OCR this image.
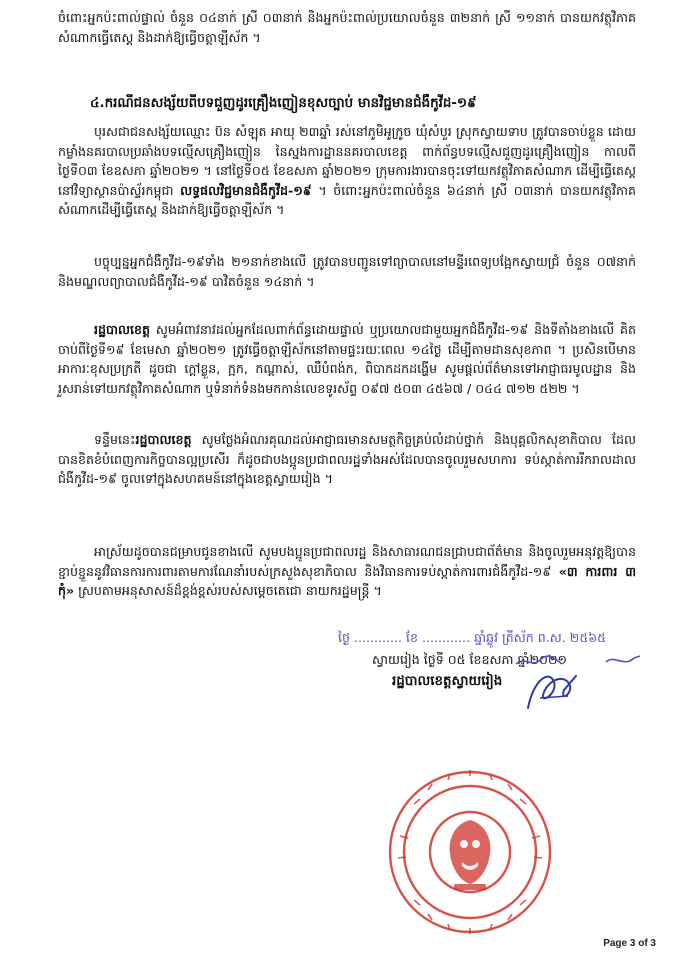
ចំពោះអ្នកប៉ះពាល់ផ្ទាល់ ចំនួន ០៤នាក់ ស្រី ០៣នាក់ និងអ្នកប៉ះពាល់ប្រយោលចំនួន ៣២នាក់ ស្រី ១១នាក់ បានយកវត្ថុវិភាគសំណាកធ្វើតេស្ត និងដាក់ឱ្យធ្វើចត្តាឡីស័ក ។

៤.ករណីជនសង្ស័យពីបទជួញដូរគ្រឿងញៀនខុសច្បាប់ មានវិជ្ជមានជំងឺកូវីដ-១៩

បុរសជាជនសង្ស័យឈ្មោះ ប៊ន សំឡុត អាយុ ២៣ឆ្នាំ រស់នៅភូមិអូក្រូច ឃុំសំបួរ ស្រុកស្វាយទាប ត្រូវបានចាប់ខ្លួន ដោយកម្លាំងនគរបាលប្រឆាំងបទល្មើសគ្រឿងញៀន នៃស្នងការដ្ឋាននគរបាលខេត្ត ពាក់ព័ន្ធបទល្មើសជួញដូរគ្រឿងញៀន កាលពីថ្ងៃទី០៣ ខែឧសភា ឆ្នាំ២០២១ ។ នៅថ្ងៃទី០៥ ខែឧសភា ឆ្នាំ២០២១ ក្រុមការងារបានចុះទៅយកវត្ថុវិភាគសំណាក ដើម្បីធ្វើតេស្តនៅវិទ្យាស្ថានប៉ាស្ទ័រកម្ពុជា លទ្ធផលវិជ្ជមានជំងឺកូវីដ-១៩ ។ ចំពោះអ្នកប៉ះពាល់ចំនួន ៦៤នាក់ ស្រី ០៣នាក់ បានយកវត្ថុវិភាគសំណាកដើម្បីធ្វើតេស្ត និងដាក់ឱ្យធ្វើចត្តាឡីស័ក ។

បច្ចុប្បន្នអ្នកជំងឺកូវីដ-១៩ទាំង ២១នាក់ខាងលើ ត្រូវបានបញ្ជូនទៅព្យាបាលនៅមន្ទីរពេទ្យបង្អែកស្វាយជ្រំ ចំនួន ០៧នាក់ និងមណ្ឌលព្យាបាលជំងឺកូវីដ-១៩ បាវិតចំនួន ១៤នាក់ ។

រដ្ឋបាលខេត្ត សូមអំពាវនាវដល់អ្នកដែលពាក់ព័ន្ធដោយផ្ទាល់ ឬប្រយោលជាមួយអ្នកជំងឺកូវីដ-១៩ និងទីតាំងខាងលើ គិតចាប់ពីថ្ងៃទី១៩ ខែមេសា ឆ្នាំ២០២១ ត្រូវធ្វើចត្តាឡីស័កនៅតាមផ្ទះរយៈពេល ១៤ថ្ងៃ ដើម្បីតាមដានសុខភាព ។ ប្រសិនបើមានអាការៈខុសប្រក្រតី ដូចជា ក្តៅខ្លួន, ក្អក, កណ្តាស់, ឈឺបំពង់ក, ពិបាកដកដង្ហើម សូមផ្តល់ព័ត៌មានទៅអាជ្ញាធរមូលដ្ឋាន និងរួសរាន់ទៅយកវត្ថុវិភាគសំណាក ឬទំនាក់ទំនងមកកាន់លេខទូរស័ព្ទ ០៩៧ ៥០៣ ៤៥៦៧ / ០៤៤ ៧១២ ៥២២ ។

ទន្ទឹមនេះរដ្ឋបាលខេត្ត សូមថ្លែងអំណរគុណដល់អាជ្ញាធរមានសមត្ថកិច្ចគ្រប់លំដាប់ថ្នាក់ និងបុគ្គលិកសុខាភិបាល ដែលបានខិតខំបំពេញការកិច្ចបានល្អប្រសើរ ក៏ដូចជាបងប្អូនប្រជាពលរដ្ឋទាំងអស់ដែលបានចូលរួមសហការ ទប់ស្កាត់ការរីករាលដាលជំងឺកូវីដ-១៩ ចូលទៅក្នុងសហគមន៍នៅក្នុងខេត្តស្វាយរៀង ។

អាស្រ័យដូចបានជម្រាបជូនខាងលើ សូមបងប្អូនប្រជាពលរដ្ឋ និងសាធារណជនជ្រាបជាព័ត៌មាន និងចូលរួមអនុវត្តឱ្យបានខ្ជាប់ខ្ជួននូវវិធានការការពារតាមការណែនាំរបស់ក្រសួងសុខាភិបាល និងវិធានការទប់ស្កាត់ការពារជំងឺកូវីដ-១៩ «៣ ការពារ ៣ កុំ» ស្របតាមអនុសាសន៍ដ៏ខ្ពង់ខ្ពស់របស់សម្តេចតេជោ នាយករដ្ឋមន្ត្រី ។

ថ្ងៃ ............ ខែ ............ ឆ្នាំឆ្លូវ ត្រីស័ក ព.ស. ២៥៦៥

ស្វាយរៀង ថ្ងៃទី ០៥ ខែឧសភា ឆ្នាំ២០២១

រដ្ឋបាលខេត្តស្វាយរៀង

Page 3 of 3
